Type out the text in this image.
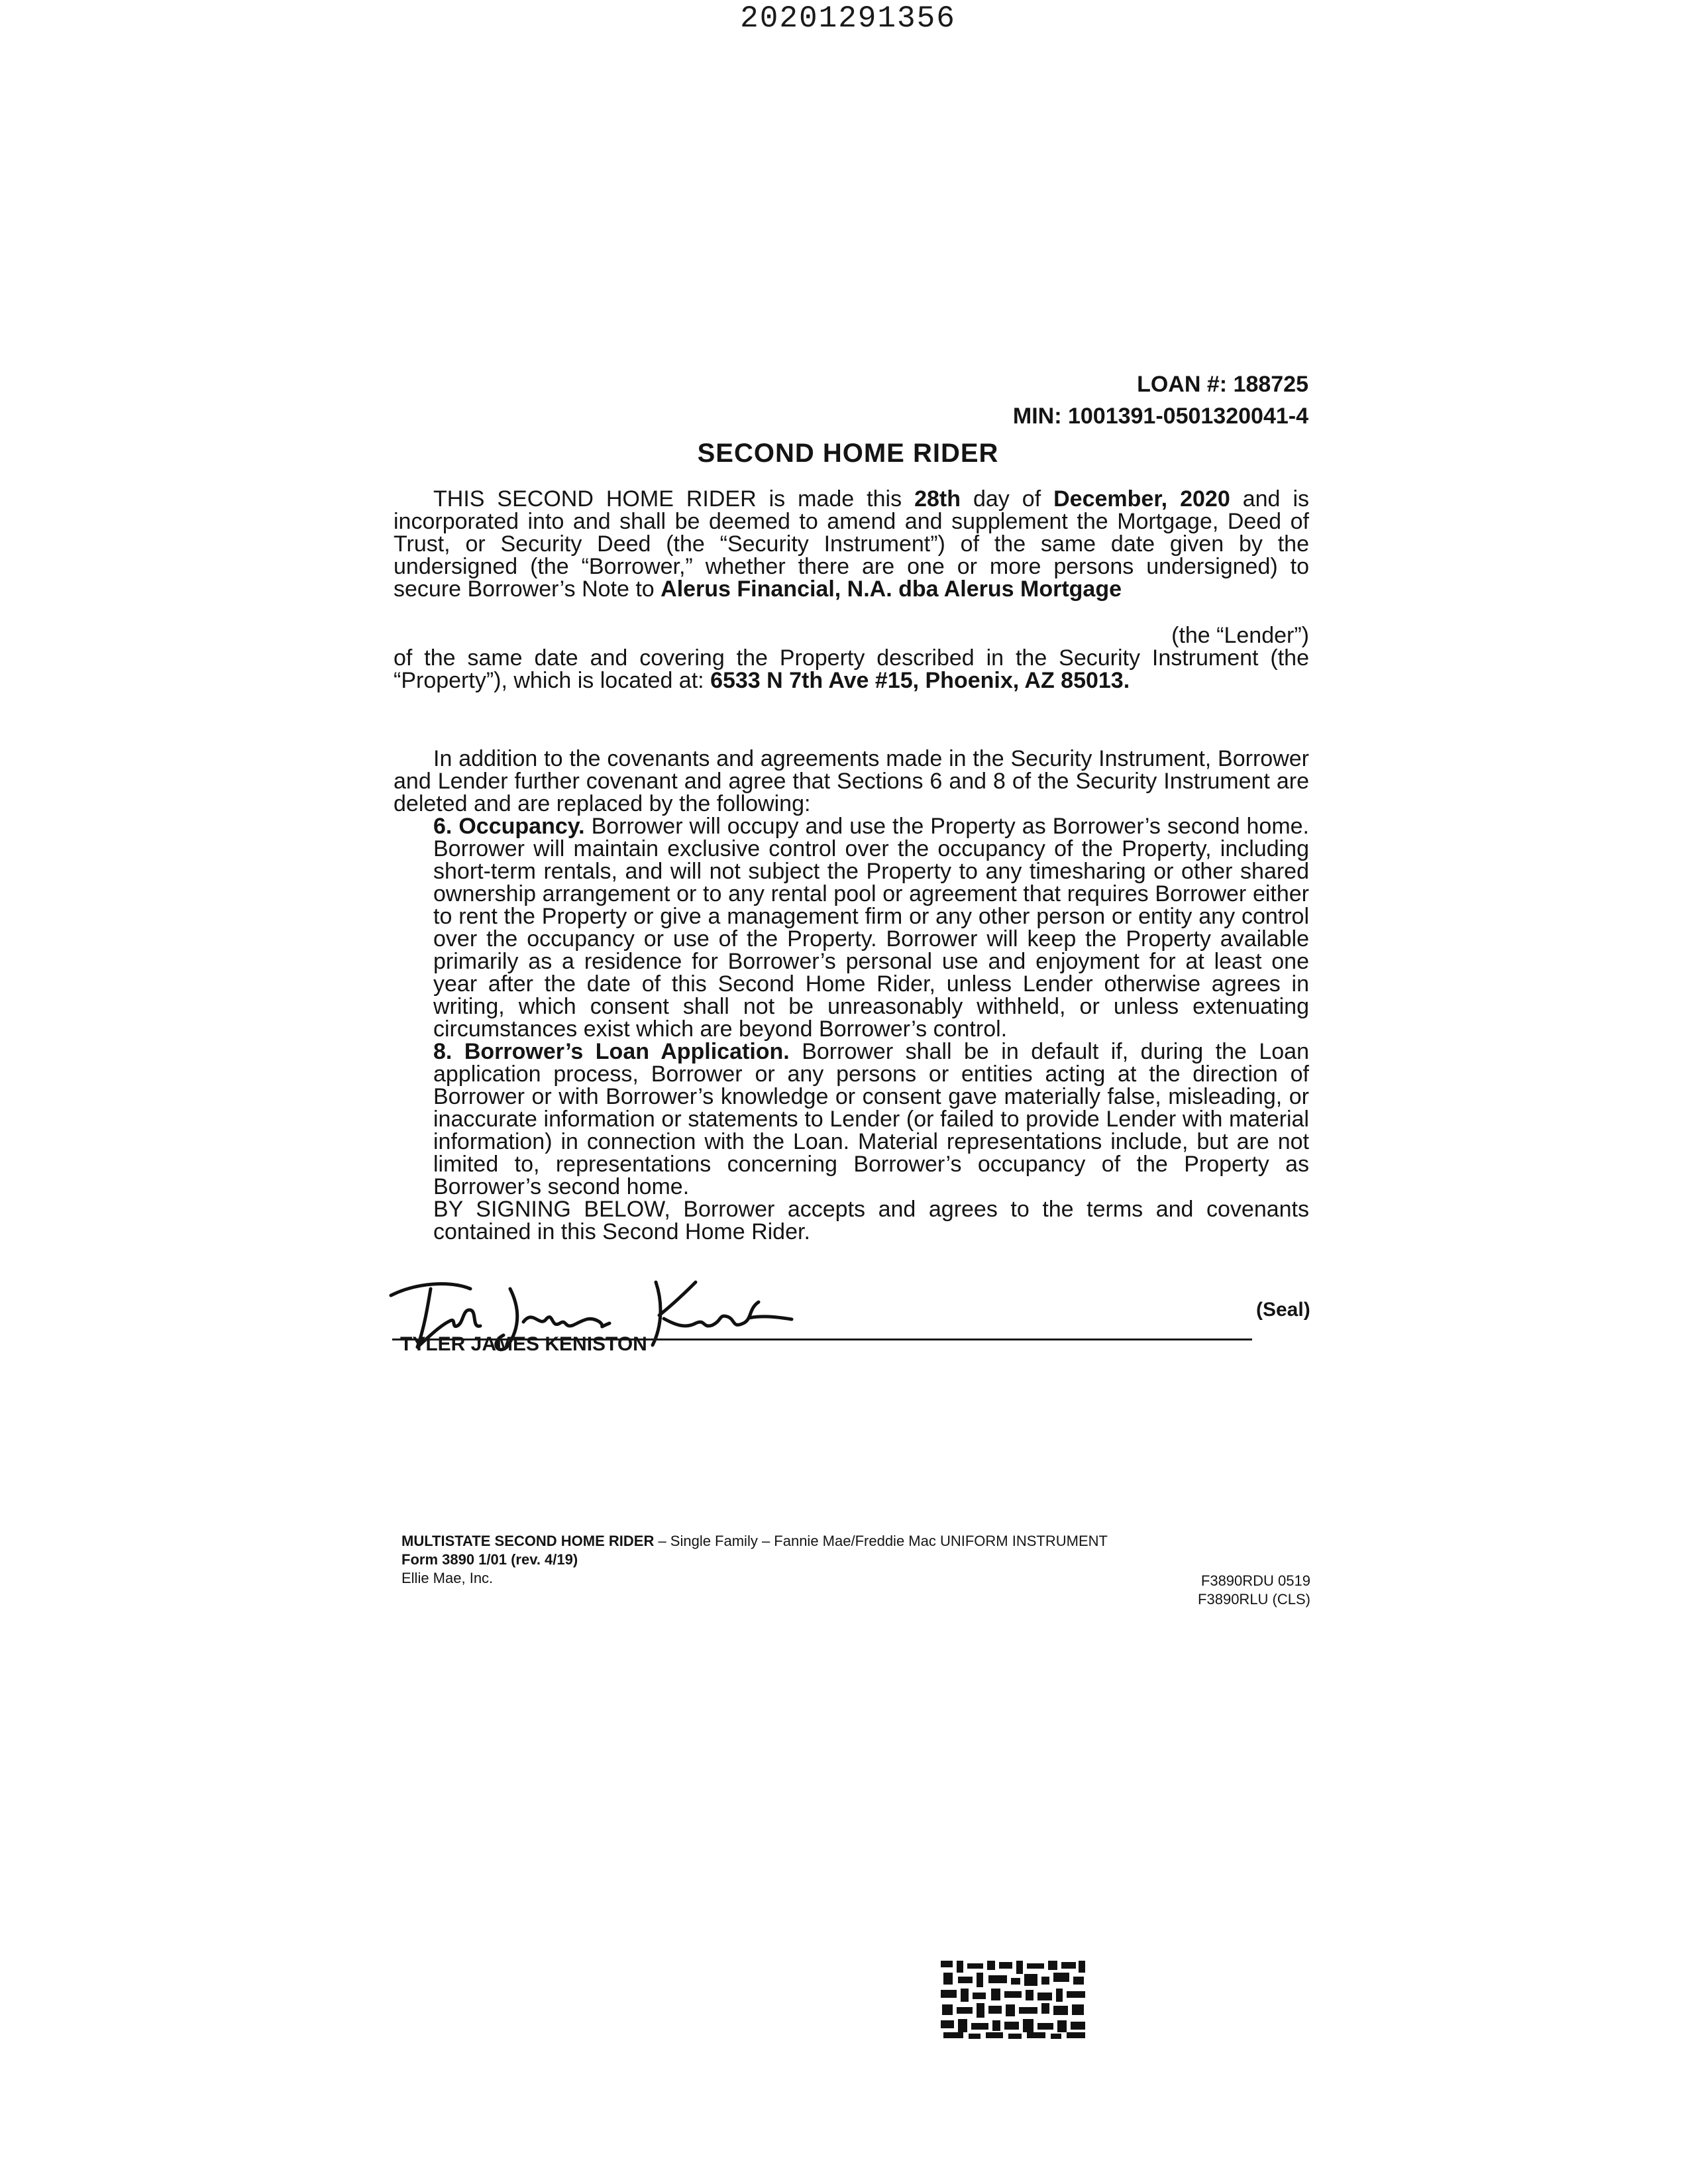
20201291356
LOAN #: 188725
MIN: 1001391-0501320041-4
SECOND HOME RIDER

THIS SECOND HOME RIDER is made this 28th day of December, 2020 and is incorporated into and shall be deemed to amend and supplement the Mortgage, Deed of Trust, or Security Deed (the “Security Instrument”) of the same date given by the undersigned (the “Borrower,” whether there are one or more persons undersigned) to secure Borrower’s Note to Alerus Financial, N.A. dba Alerus Mortgage

(the “Lender”)

of the same date and covering the Property described in the Security Instrument (the “Property”), which is located at: 6533 N 7th Ave #15, Phoenix, AZ 85013.

In addition to the covenants and agreements made in the Security Instrument, Borrower and Lender further covenant and agree that Sections 6 and 8 of the Security Instrument are deleted and are replaced by the following:

6. Occupancy. Borrower will occupy and use the Property as Borrower’s second home. Borrower will maintain exclusive control over the occupancy of the Property, including short-term rentals, and will not subject the Property to any timesharing or other shared ownership arrangement or to any rental pool or agreement that requires Borrower either to rent the Property or give a management firm or any other person or entity any control over the occupancy or use of the Property. Borrower will keep the Property available primarily as a residence for Borrower’s personal use and enjoyment for at least one year after the date of this Second Home Rider, unless Lender otherwise agrees in writing, which consent shall not be unreasonably withheld, or unless extenuating circumstances exist which are beyond Borrower’s control.

8. Borrower’s Loan Application. Borrower shall be in default if, during the Loan application process, Borrower or any persons or entities acting at the direction of Borrower or with Borrower’s knowledge or consent gave materially false, misleading, or inaccurate information or statements to Lender (or failed to provide Lender with material information) in connection with the Loan. Material representations include, but are not limited to, representations concerning Borrower’s occupancy of the Property as Borrower’s second home.

BY SIGNING BELOW, Borrower accepts and agrees to the terms and covenants contained in this Second Home Rider.

Tyler James Kenist
(Seal)
TYLER JAMES KENISTON
MULTISTATE SECOND HOME RIDER – Single Family – Fannie Mae/Freddie Mac UNIFORM INSTRUMENT
Form 3890 1/01 (rev. 4/19)
Ellie Mae, Inc.	F3890RDU 0519
F3890RLU (CLS)
